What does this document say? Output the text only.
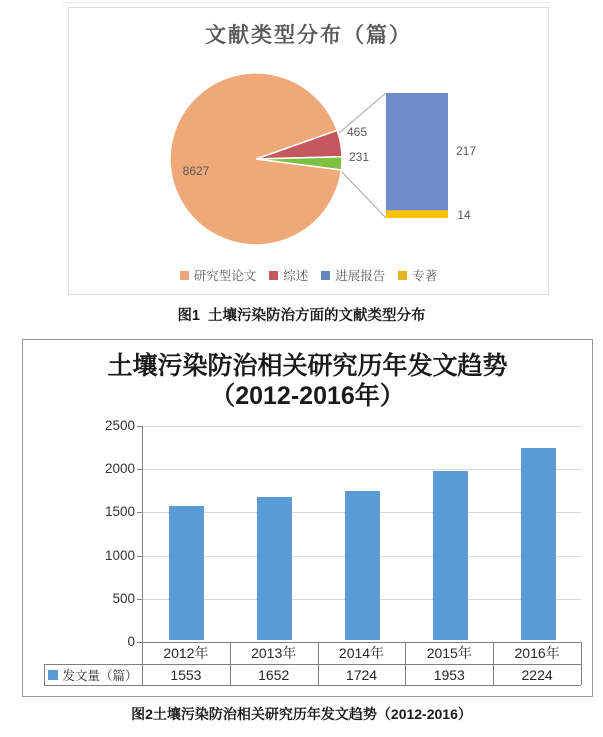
文献类型分布（篇）
8627
465
231	217
14
研究型论文 综述 进展报告 专著
图1  土壤污染防治方面的文献类型分布
土壤污染防治相关研究历年发文趋势
（2012-2016年）
2500
2000
1500
1000
500
0
2012年	2013年	2014年	2015年	2016年
1553	1652	1724	1953	2224
发文量（篇）
图2土壤污染防治相关研究历年发文趋势（2012-2016）
